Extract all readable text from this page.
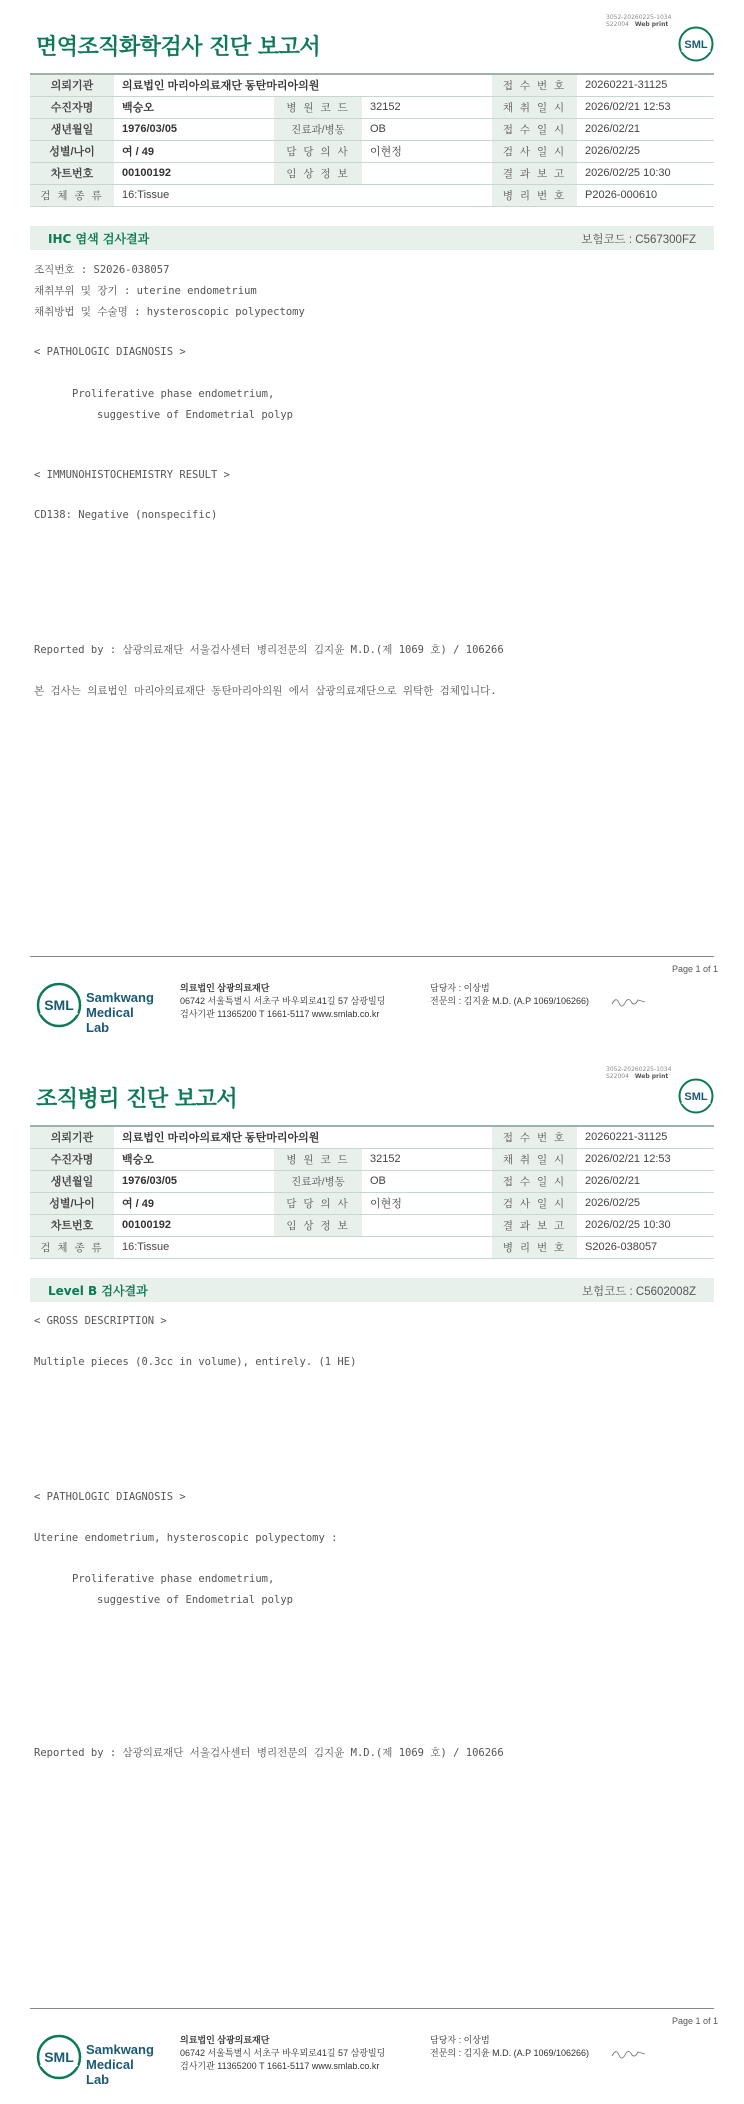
3052-20260225-1034
S22004 Web print
면역조직화학검사 진단 보고서	SML
의뢰기관	의료법인 마리아의료재단 동탄마리아의원			접 수 번 호	20260221-31125
수진자명	백승오	병 원 코 드	32152	채 취 일 시	2026/02/21 12:53
생년월일	1976/03/05	진료과/병동	OB	접 수 일 시	2026/02/21
성별/나이	여 / 49	담 당 의 사	이현정	검 사 일 시	2026/02/25
차트번호	00100192	임 상 정 보		결 과 보 고	2026/02/25 10:30
검 체 종 류	16:Tissue			병 리 번 호	P2026-000610
IHC 염색 검사결과	보험코드 : C567300FZ
조직번호 : S2026-038057
채취부위 및 장기 : uterine endometrium
채취방법 및 수술명 : hysteroscopic polypectomy
< PATHOLOGIC DIAGNOSIS >
Proliferative phase endometrium,
suggestive of Endometrial polyp
< IMMUNOHISTOCHEMISTRY RESULT >
CD138: Negative (nonspecific)
Reported by : 삼광의료재단 서울검사센터 병리전문의 김지윤 M.D.(제 1069 호) / 106266
본 검사는 의료법인 마리아의료재단 동탄마리아의원 에서 삼광의료재단으로 위탁한 검체입니다.
Page 1 of 1
SML Samkwang
Medical Lab
의료법인 삼광의료재단
06742 서울특별시 서초구 바우뫼로41길 57 삼광빌딩
검사기관 11365200 T 1661-5117 www.smlab.co.kr
담당자 : 이상범
전문의 : 김지윤 M.D. (A.P 1069/106266)
3052-20260225-1034
S22004 Web print
조직병리 진단 보고서	SML
의뢰기관	의료법인 마리아의료재단 동탄마리아의원			접 수 번 호	20260221-31125
수진자명	백승오	병 원 코 드	32152	채 취 일 시	2026/02/21 12:53
생년월일	1976/03/05	진료과/병동	OB	접 수 일 시	2026/02/21
성별/나이	여 / 49	담 당 의 사	이현정	검 사 일 시	2026/02/25
차트번호	00100192	임 상 정 보		결 과 보 고	2026/02/25 10:30
검 체 종 류	16:Tissue			병 리 번 호	S2026-038057
Level B 검사결과	보험코드 : C5602008Z
< GROSS DESCRIPTION >
Multiple pieces (0.3cc in volume), entirely. (1 HE)
< PATHOLOGIC DIAGNOSIS >
Uterine endometrium, hysteroscopic polypectomy :
Proliferative phase endometrium,
suggestive of Endometrial polyp
Reported by : 삼광의료재단 서울검사센터 병리전문의 김지윤 M.D.(제 1069 호) / 106266
Page 1 of 1
SML Samkwang
Medical Lab
의료법인 삼광의료재단
06742 서울특별시 서초구 바우뫼로41길 57 삼광빌딩
검사기관 11365200 T 1661-5117 www.smlab.co.kr
담당자 : 이상범
전문의 : 김지윤 M.D. (A.P 1069/106266)
